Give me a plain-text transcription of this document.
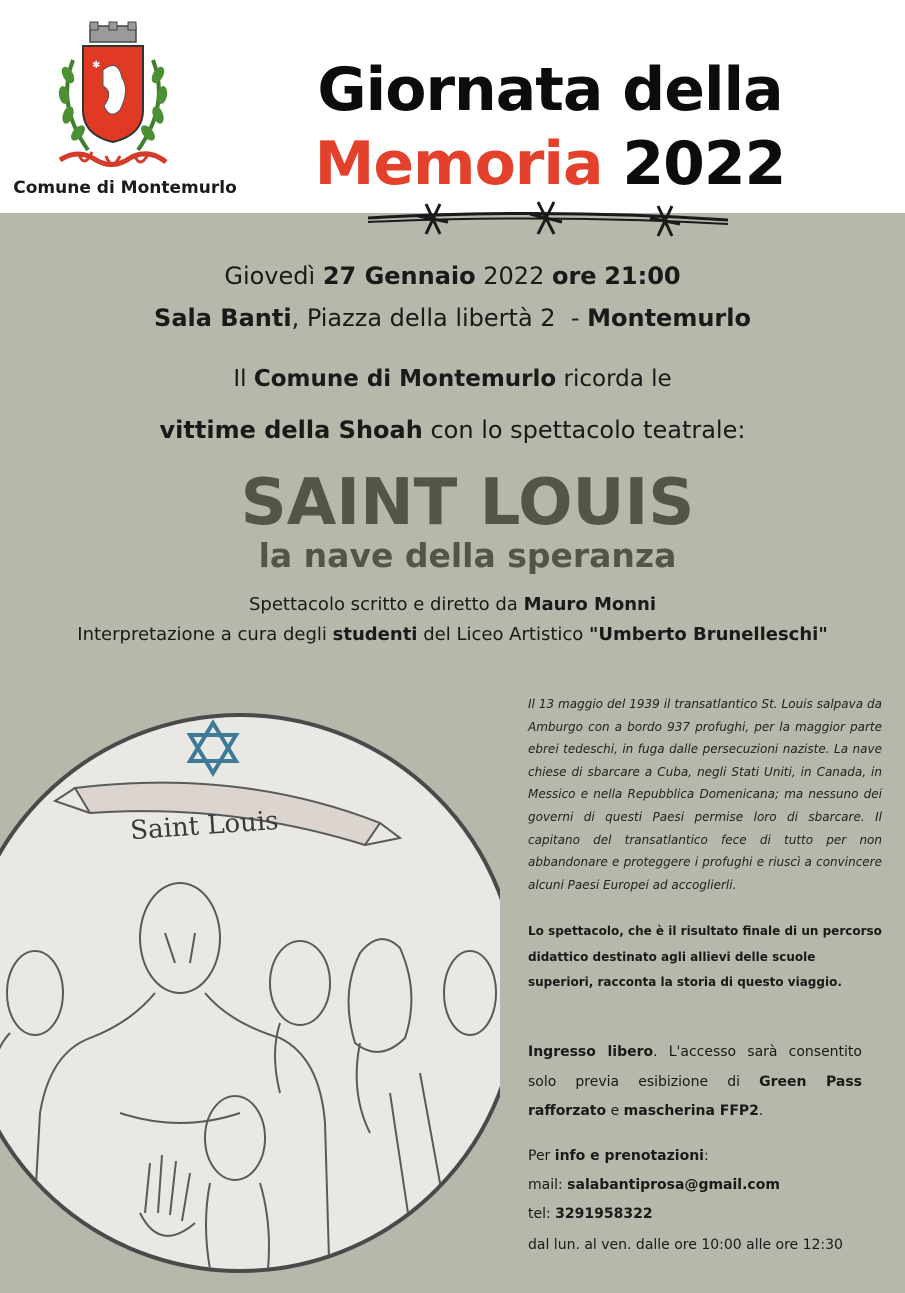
✱
Comune di Montemurlo
Giornata della
Memoria 2022
Giovedì 27 Gennaio 2022 ore 21:00
Sala Banti, Piazza della libertà 2  - Montemurlo
Il Comune di Montemurlo ricorda le
vittime della Shoah con lo spettacolo teatrale:
SAINT LOUIS
la nave della speranza
Spettacolo scritto e diretto da Mauro Monni
Interpretazione a cura degli studenti del Liceo Artistico "Umberto Brunelleschi"
Saint Louis
Il 13 maggio del 1939 il transatlantico St. Louis salpava da Amburgo con a bordo 937 profughi, per la maggior parte ebrei tedeschi, in fuga dalle persecuzioni naziste. La nave chiese di sbarcare a Cuba, negli Stati Uniti, in Canada, in Messico e nella Repubblica Domenicana; ma nessuno dei governi di questi Paesi permise loro di sbarcare. Il capitano del transatlantico fece di tutto per non abbandonare e proteggere i profughi e riuscì a convincere alcuni Paesi Europei ad accoglierli.
Lo spettacolo, che è il risultato finale di un percorso didattico destinato agli allievi delle scuole superiori, racconta la storia di questo viaggio.
Ingresso libero. L'accesso sarà consentito solo previa esibizione di Green Pass rafforzato e mascherina FFP2.
Per info e prenotazioni:
mail: salabantiprosa@gmail.com
tel: 3291958322
dal lun. al ven. dalle ore 10:00 alle ore 12:30
